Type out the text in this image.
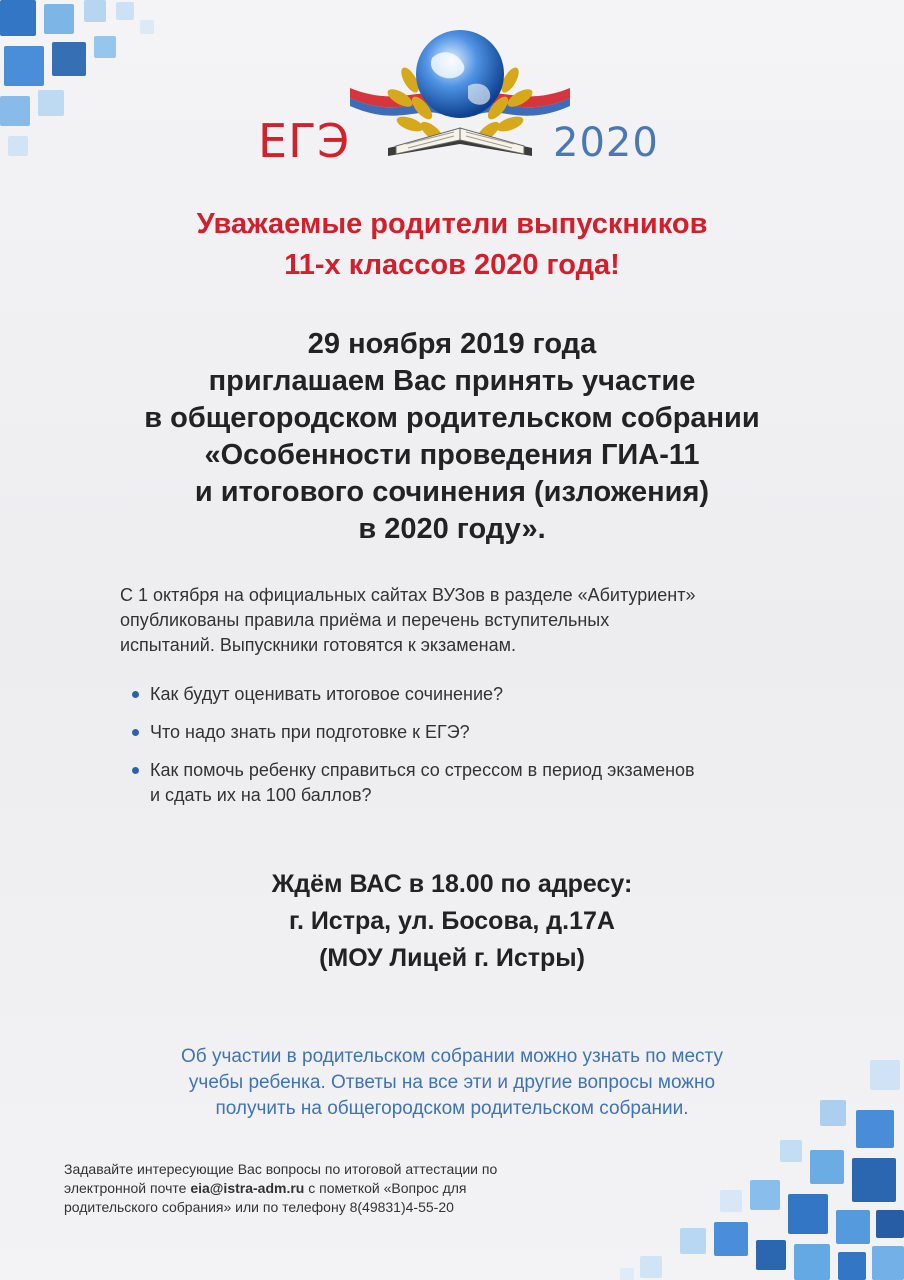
ЕГЭ	2020
Уважаемые родители выпускников
11-х классов 2020 года!
29 ноября 2019 года
приглашаем Вас принять участие
в общегородском родительском собрании
«Особенности проведения ГИА-11
и итогового сочинения (изложения)
в 2020 году».

С 1 октября на официальных сайтах ВУЗов в разделе «Абитуриент»
опубликованы правила приёма и перечень вступительных
испытаний. Выпускники готовятся к экзаменам.

Как будут оценивать итоговое сочинение?
Что надо знать при подготовке к ЕГЭ?
Как помочь ребенку справиться со стрессом в период экзаменов
и сдать их на 100 баллов?
Ждём ВАС в 18.00 по адресу:
г. Истра, ул. Босова, д.17А
(МОУ Лицей г. Истры)

Об участии в родительском собрании можно узнать по месту
учебы ребенка. Ответы на все эти и другие вопросы можно
получить на общегородском родительском собрании.

Задавайте интересующие Вас вопросы по итоговой аттестации по
электронной почте eia@istra-adm.ru с пометкой «Вопрос для
родительского собрания» или по телефону 8(49831)4-55-20
